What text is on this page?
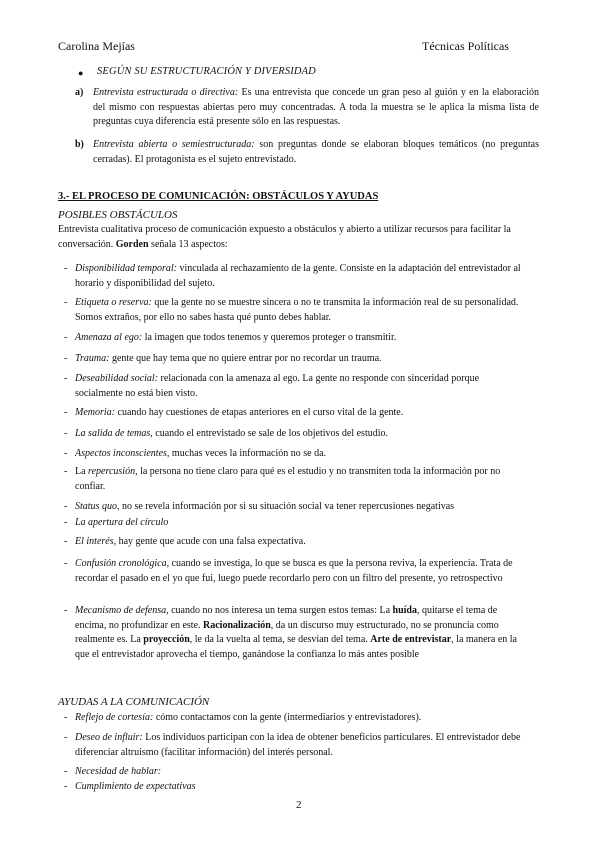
Carolina Mejías	Técnicas Políticas
● SEGÚN SU ESTRUCTURACIÓN Y DIVERSIDAD
a) Entrevista estructurada o directiva: Es una entrevista que concede un gran peso al guión y en la elaboración del mismo con respuestas abiertas pero muy concentradas. A toda la muestra se le aplica la misma lista de preguntas cuya diferencia está presente sólo en las respuestas.
b) Entrevista abierta o semiestructurada: son preguntas donde se elaboran bloques temáticos (no preguntas cerradas). El protagonista es el sujeto entrevistado.
3.- EL PROCESO DE COMUNICACIÓN: OBSTÁCULOS Y AYUDAS
POSIBLES OBSTÁCULOS
Entrevista cualitativa proceso de comunicación expuesto a obstáculos y abierto a utilizar recursos para facilitar la conversación. Gorden señala 13 aspectos:
- Disponibilidad temporal: vinculada al rechazamiento de la gente. Consiste en la adaptación del entrevistador al horario y disponibilidad del sujeto.
- Etiqueta o reserva: que la gente no se muestre sincera o no te transmita la información real de su personalidad. Somos extraños, por ello no sabes hasta qué punto debes hablar.
- Amenaza al ego: la imagen que todos tenemos y queremos proteger o transmitir.
- Trauma: gente que hay tema que no quiere entrar por no recordar un trauma.
- Deseabilidad social: relacionada con la amenaza al ego. La gente no responde con sinceridad porque socialmente no está bien visto.
- Memoria: cuando hay cuestiones de etapas anteriores en el curso vital de la gente.
- La salida de temas, cuando el entrevistado se sale de los objetivos del estudio.
- Aspectos inconscientes, muchas veces la información no se da.
- La repercusión, la persona no tiene claro para qué es el estudio y no transmiten toda la información por no confiar.
- Status quo, no se revela información por si su situación social va tener repercusiones negativas
- La apertura del círculo
- El interés, hay gente que acude con una falsa expectativa.
- Confusión cronológica, cuando se investiga, lo que se busca es que la persona reviva, la experiencia. Trata de recordar el pasado en el yo que fui, luego puede recordarlo pero con un filtro del presente, yo retrospectivo
- Mecanismo de defensa, cuando no nos interesa un tema surgen estos temas: La huída, quitarse el tema de encima, no profundizar en este. Racionalización, da un discurso muy estructurado, no se pronuncia como realmente es. La proyección, le da la vuelta al tema, se desvían del tema. Arte de entrevistar, la manera en la que el entrevistador aprovecha el tiempo, ganándose la confianza lo más antes posible
AYUDAS A LA COMUNICACIÓN
- Reflejo de cortesía: cómo contactamos con la gente (intermediarios y entrevistadores).
- Deseo de influir: Los individuos participan con la idea de obtener beneficios particulares. El entrevistador debe diferenciar altruismo (facilitar información) del interés personal.
- Necesidad de hablar:
- Cumplimiento de expectativas
2
